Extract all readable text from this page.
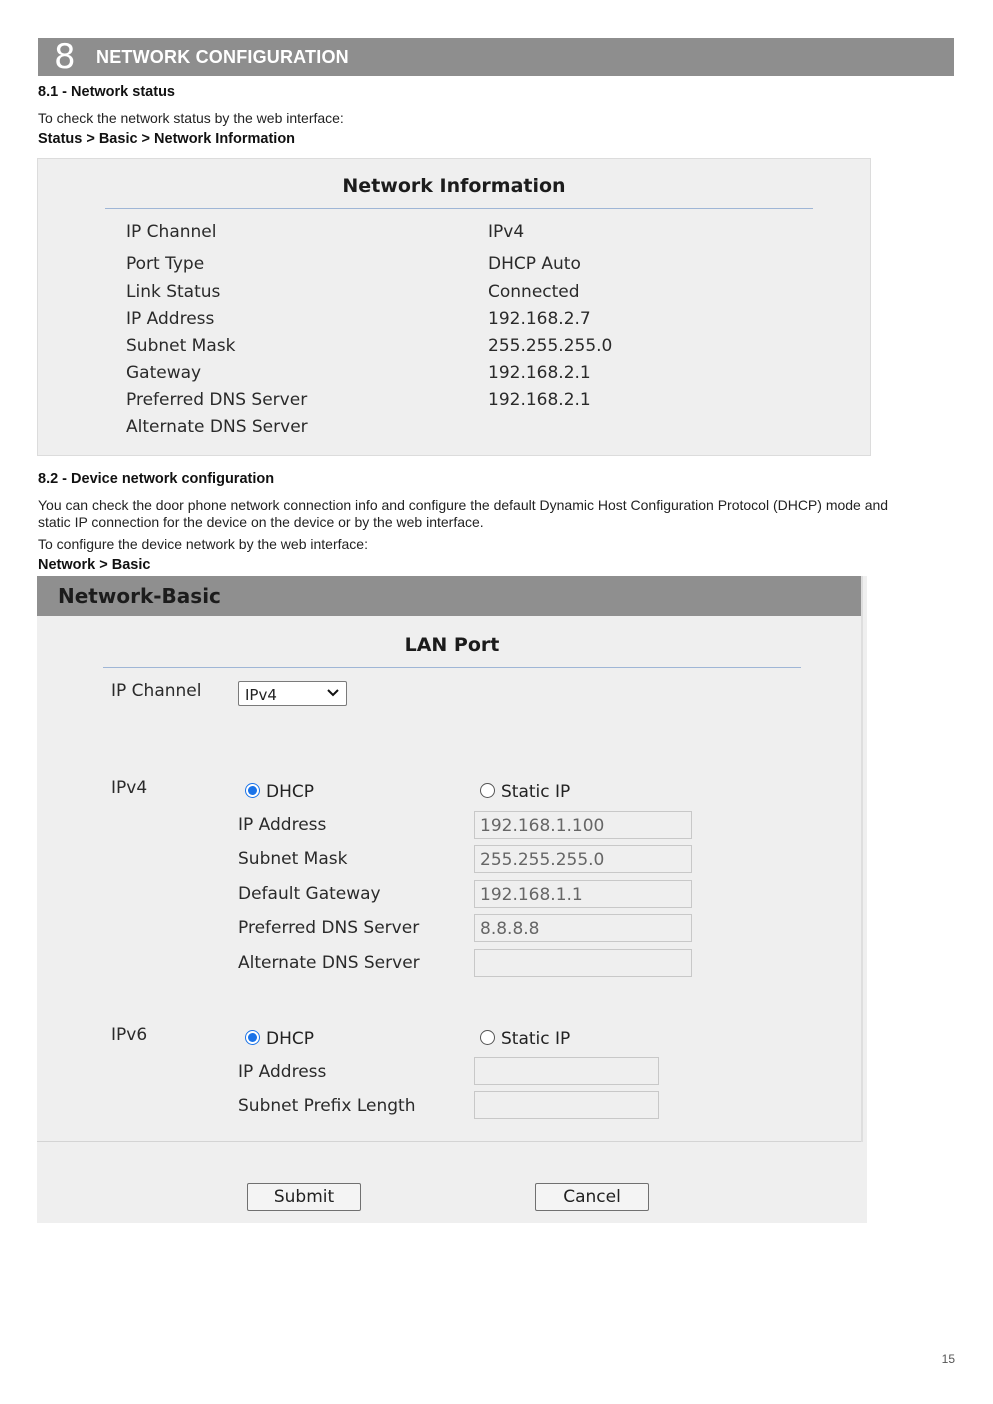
8 NETWORK CONFIGURATION
8.1 - Network status
To check the network status by the web interface:
Status > Basic > Network Information
Network Information
IP Channel	IPv4
Port Type	DHCP Auto
Link Status	Connected
IP Address	192.168.2.7
Subnet Mask	255.255.255.0
Gateway	192.168.2.1
Preferred DNS Server	192.168.2.1
Alternate DNS Server
8.2 - Device network configuration
You can check the door phone network connection info and configure the default Dynamic Host Configuration Protocol (DHCP) mode and
static IP connection for the device on the device or by the web interface.
To configure the device network by the web interface:
Network > Basic
Network-Basic
LAN Port
IP Channel	IPv4
IPv4	DHCP	Static IP
IP Address	192.168.1.100
Subnet Mask	255.255.255.0
Default Gateway	192.168.1.1
Preferred DNS Server	8.8.8.8
Alternate DNS Server
IPv6	DHCP	Static IP
IP Address
Subnet Prefix Length
Submit	Cancel
15
